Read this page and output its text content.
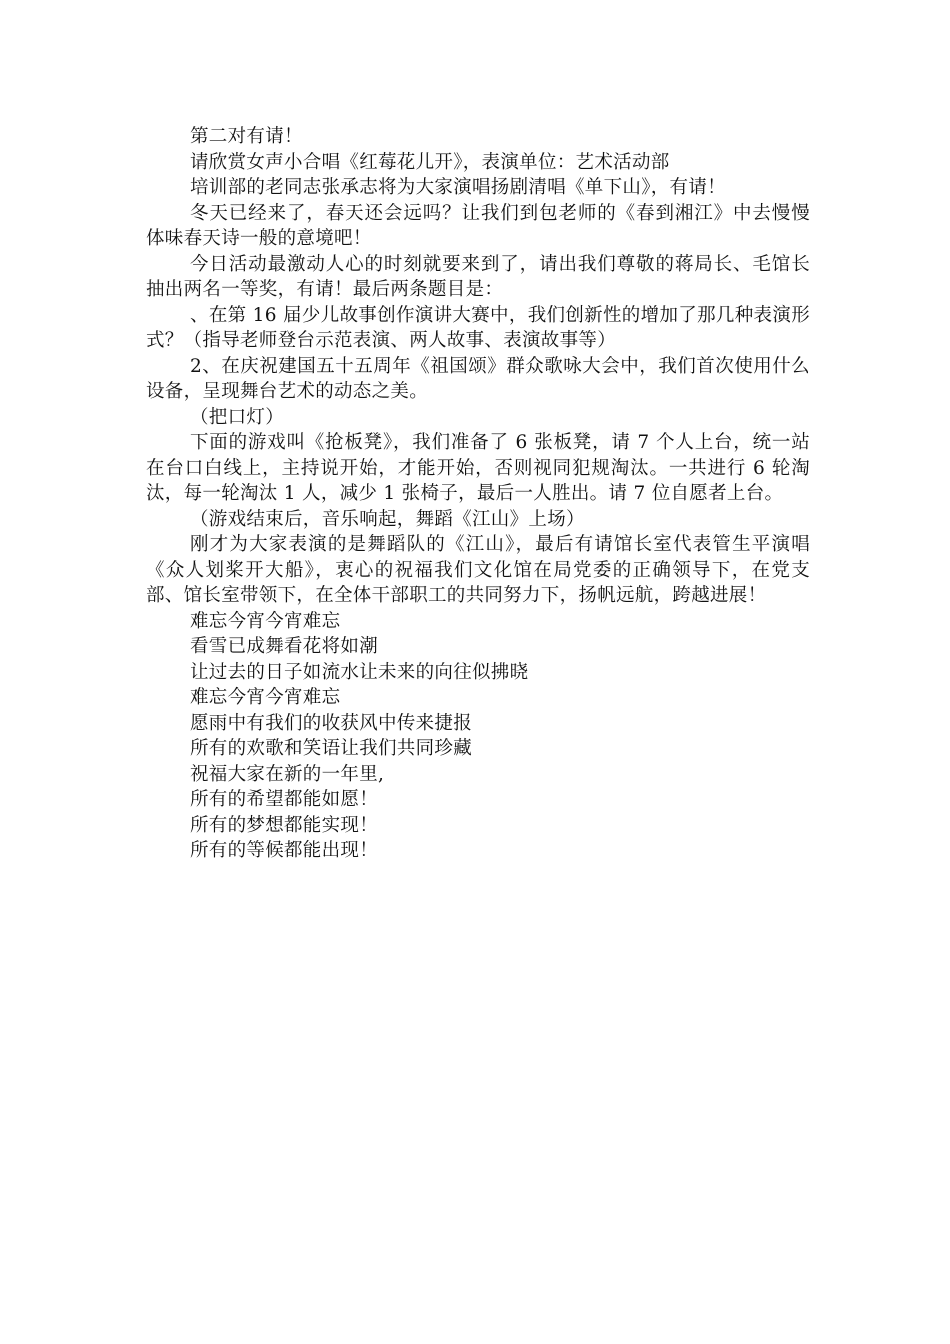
第二对有请！

请欣赏女声小合唱《红莓花儿开》，表演单位：艺术活动部

培训部的老同志张承志将为大家演唱扬剧清唱《单下山》，有请！

冬天已经来了，春天还会远吗？让我们到包老师的《春到湘江》中去慢慢体味春天诗一般的意境吧！

今日活动最激动人心的时刻就要来到了，请出我们尊敬的蒋局长、毛馆长抽出两名一等奖，有请！最后两条题目是：

、在第 16 届少儿故事创作演讲大赛中，我们创新性的增加了那几种表演形式？（指导老师登台示范表演、两人故事、表演故事等）

2、在庆祝建国五十五周年《祖国颂》群众歌咏大会中，我们首次使用什么设备，呈现舞台艺术的动态之美。

（把口灯）

下面的游戏叫《抢板凳》，我们准备了 6 张板凳，请 7 个人上台，统一站在台口白线上，主持说开始，才能开始，否则视同犯规淘汰。一共进行 6 轮淘汰，每一轮淘汰 1 人，减少 1 张椅子，最后一人胜出。请 7 位自愿者上台。

（游戏结束后，音乐响起，舞蹈《江山》上场）

刚才为大家表演的是舞蹈队的《江山》，最后有请馆长室代表管生平演唱《众人划桨开大船》，衷心的祝福我们文化馆在局党委的正确领导下，在党支部、馆长室带领下，在全体干部职工的共同努力下，扬帆远航，跨越进展！

难忘今宵今宵难忘

看雪已成舞看花将如潮

让过去的日子如流水让未来的向往似拂晓

难忘今宵今宵难忘

愿雨中有我们的收获风中传来捷报

所有的欢歌和笑语让我们共同珍藏

祝福大家在新的一年里,

所有的希望都能如愿！

所有的梦想都能实现！

所有的等候都能出现！
